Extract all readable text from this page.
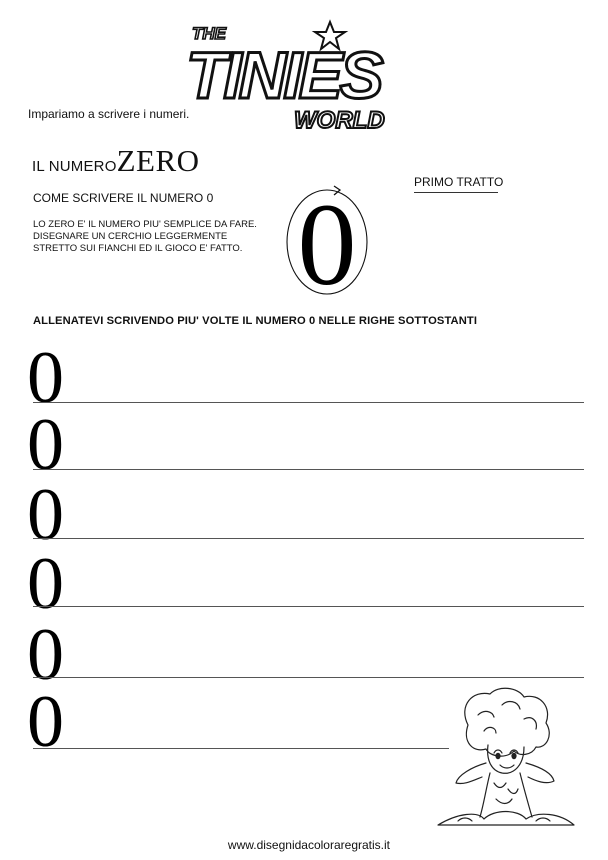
THE
TINIES
WORLD
Impariamo a scrivere i numeri.
IL NUMEROZERO
COME SCRIVERE IL NUMERO 0
LO ZERO E' IL NUMERO PIU' SEMPLICE DA FARE. DISEGNARE UN CERCHIO LEGGERMENTE STRETTO SUI FIANCHI ED IL GIOCO E' FATTO. 0	PRIMO TRATTO
ALLENATEVI SCRIVENDO PIU' VOLTE IL NUMERO 0 NELLE RIGHE SOTTOSTANTI
0
0
0
0
0
0
www.disegnidacoloraregratis.it
